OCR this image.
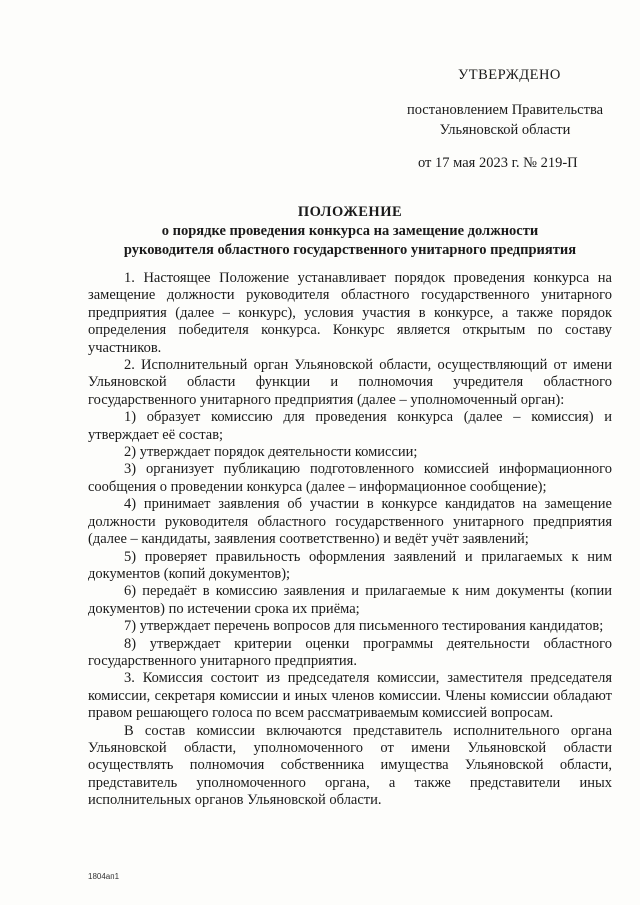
УТВЕРЖДЕНО
постановлением Правительства
Ульяновской области
от 17 мая 2023 г. № 219-П
ПОЛОЖЕНИЕ
о порядке проведения конкурса на замещение должности
руководителя областного государственного унитарного предприятия

1. Настоящее Положение устанавливает порядок проведения конкурса на замещение должности руководителя областного государственного унитарного предприятия (далее – конкурс), условия участия в конкурсе, а также порядок определения победителя конкурса. Конкурс является открытым по составу участников.

2. Исполнительный орган Ульяновской области, осуществляющий от имени Ульяновской области функции и полномочия учредителя областного государственного унитарного предприятия (далее – уполномоченный орган):

1) образует комиссию для проведения конкурса (далее – комиссия) и утверждает её состав;

2) утверждает порядок деятельности комиссии;

3) организует публикацию подготовленного комиссией информационного сообщения о проведении конкурса (далее – информационное сообщение);

4) принимает заявления об участии в конкурсе кандидатов на замещение должности руководителя областного государственного унитарного предприятия (далее – кандидаты, заявления соответственно) и ведёт учёт заявлений;

5) проверяет правильность оформления заявлений и прилагаемых к ним документов (копий документов);

6) передаёт в комиссию заявления и прилагаемые к ним документы (копии документов) по истечении срока их приёма;

7) утверждает перечень вопросов для письменного тестирования кандидатов;

8) утверждает критерии оценки программы деятельности областного государственного унитарного предприятия.

3. Комиссия состоит из председателя комиссии, заместителя председателя комиссии, секретаря комиссии и иных членов комиссии. Члены комиссии обладают правом решающего голоса по всем рассматриваемым комиссией вопросам.

В состав комиссии включаются представитель исполнительного органа Ульяновской области, уполномоченного от имени Ульяновской области осуществлять полномочия собственника имущества Ульяновской области, представитель уполномоченного органа, а также представители иных исполнительных органов Ульяновской области.

1804ап1
